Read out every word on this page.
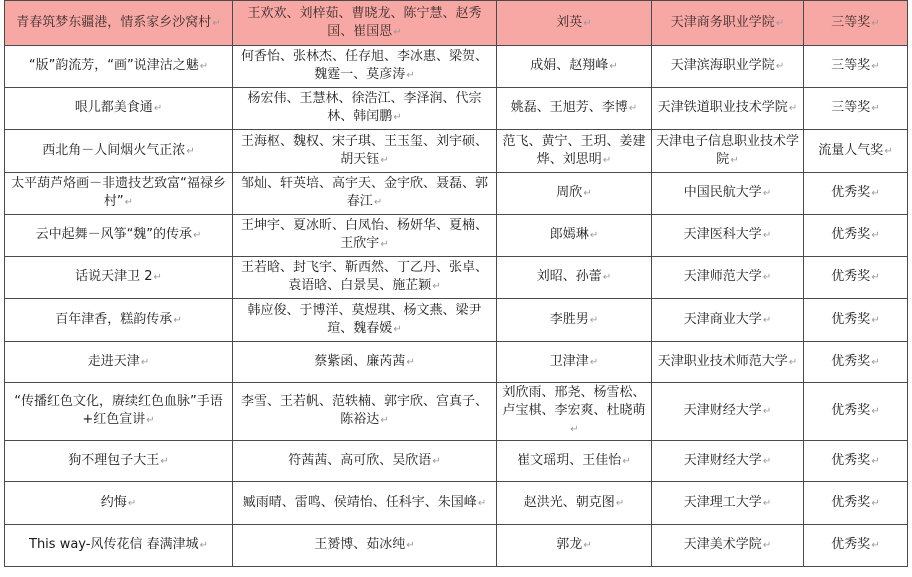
青春筑梦东疆港，情系家乡沙窝村↵	王欢欢、刘梓茹、曹晓龙、陈宁慧、赵秀国、崔国恩↵	刘英↵	天津商务职业学院↵	三等奖↵
“版”韵流芳，“画”说津沽之魅↵	何香怡、张林杰、任存旭、李冰惠、梁贺、魏霆一、莫彦涛↵	成娟、赵翔峰↵	天津滨海职业学院↵	三等奖↵
哏儿都美食通↵	杨宏伟、王慧林、徐浩江、李泽润、代宗林、韩闰鹏↵	姚磊、王旭芳、李博↵	天津铁道职业技术学院↵	三等奖↵
西北角－人间烟火气正浓↵	王海枢、魏权、宋子琪、王玉玺、刘宇硕、胡天钰↵	范飞、黄宁、王玥、姜建烨、刘思明↵	天津电子信息职业技术学院↵	流量人气奖↵
太平葫芦烙画－非遗技艺致富“福禄乡村”↵	邹灿、轩英培、高宇天、金宇欣、聂磊、郭春江↵	周欣↵	中国民航大学↵	优秀奖↵
云中起舞－风筝“魏”的传承↵	王坤宇、夏冰昕、白凤怡、杨妍华、夏楠、王欣宇↵	郎嫣琳↵	天津医科大学↵	优秀奖↵
话说天津卫 2↵	王若晗、封飞宇、靳西然、丁乙丹、张卓、袁语晗、白景昊、施芷颖↵	刘昭、孙蕾↵	天津师范大学↵	优秀奖↵
百年津香，糕韵传承↵	韩应俊、于博洋、莫煜琪、杨文燕、梁尹瑄、魏春媛↵	李胜男↵	天津商业大学↵	优秀奖↵
走进天津↵	蔡紫函、廉芮茜↵	卫津津↵	天津职业技术师范大学↵	优秀奖↵
“传播红色文化，赓续红色血脉”手语+红色宣讲↵	李雪、王若帆、范轶楠、郭宇欣、宫真子、陈裕达↵	刘欣雨、邢尧、杨雪松、卢宝棋、李宏爽、杜晓萌↵	天津财经大学↵	优秀奖↵
狗不理包子大王↵	符茜茜、高可欣、吴欣语↵	崔文瑶玥、王佳怡↵	天津财经大学↵	优秀奖↵
约悔↵	臧雨晴、雷鸣、侯靖怡、任科宇、朱国峰↵	赵洪光、朝克图↵	天津理工大学↵	优秀奖↵
This way-风传花信 春满津城↵	王赟博、茹冰纯↵	郭龙↵	天津美术学院↵	优秀奖↵
